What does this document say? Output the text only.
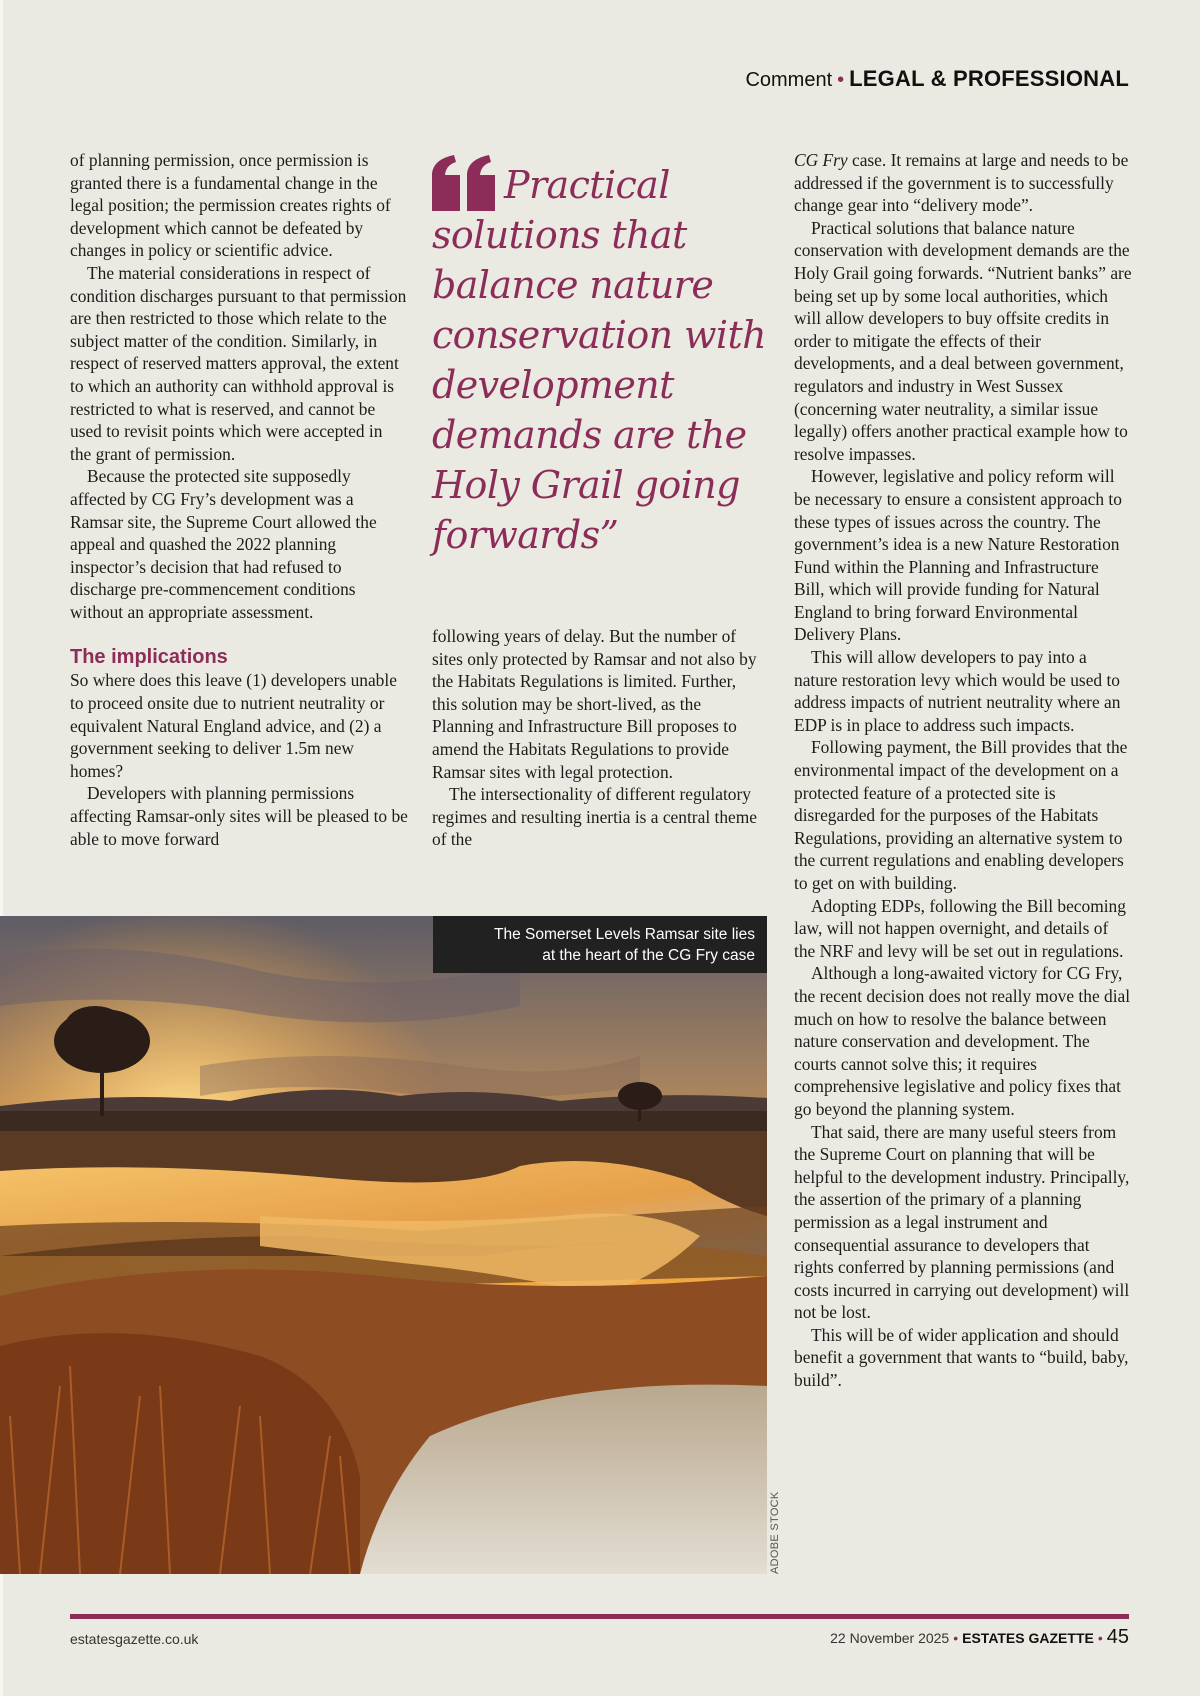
Comment • LEGAL & PROFESSIONAL

of planning permission, once permission is granted there is a fundamental change in the legal position; the permission creates rights of development which cannot be defeated by changes in policy or scientific advice.

The material considerations in respect of condition discharges pursuant to that permission are then restricted to those which relate to the subject matter of the condition. Similarly, in respect of reserved matters approval, the extent to which an authority can withhold approval is restricted to what is reserved, and cannot be used to revisit points which were accepted in the grant of permission.

Because the protected site supposedly affected by CG Fry’s development was a Ramsar site, the Supreme Court allowed the appeal and quashed the 2022 planning inspector’s decision that had refused to discharge pre-commencement conditions without an appropriate assessment.

The implications

So where does this leave (1) developers unable to proceed onsite due to nutrient neutrality or equivalent Natural England advice, and (2) a government seeking to deliver 1.5m new homes?

Developers with planning permissions affecting Ramsar-only sites will be pleased to be able to move forward

Practical solutions that balance nature conservation with development demands are the Holy Grail going forwards”

following years of delay. But the number of sites only protected by Ramsar and not also by the Habitats Regulations is limited. Further, this solution may be short-lived, as the Planning and Infrastructure Bill proposes to amend the Habitats Regulations to provide Ramsar sites with legal protection.

The intersectionality of different regulatory regimes and resulting inertia is a central theme of the

CG Fry case. It remains at large and needs to be addressed if the government is to successfully change gear into “delivery mode”.

Practical solutions that balance nature conservation with development demands are the Holy Grail going forwards. “Nutrient banks” are being set up by some local authorities, which will allow developers to buy offsite credits in order to mitigate the effects of their developments, and a deal between government, regulators and industry in West Sussex (concerning water neutrality, a similar issue legally) offers another practical example how to resolve impasses.

However, legislative and policy reform will be necessary to ensure a consistent approach to these types of issues across the country. The government’s idea is a new Nature Restoration Fund within the Planning and Infrastructure Bill, which will provide funding for Natural England to bring forward Environmental Delivery Plans.

This will allow developers to pay into a nature restoration levy which would be used to address impacts of nutrient neutrality where an EDP is in place to address such impacts.

Following payment, the Bill provides that the environmental impact of the development on a protected feature of a protected site is disregarded for the purposes of the Habitats Regulations, providing an alternative system to the current regulations and enabling developers to get on with building.

Adopting EDPs, following the Bill becoming law, will not happen overnight, and details of the NRF and levy will be set out in regulations.

Although a long-awaited victory for CG Fry, the recent decision does not really move the dial much on how to resolve the balance between nature conservation and development. The courts cannot solve this; it requires comprehensive legislative and policy fixes that go beyond the planning system.

That said, there are many useful steers from the Supreme Court on planning that will be helpful to the development industry. Principally, the assertion of the primary of a planning permission as a legal instrument and consequential assurance to developers that rights conferred by planning permissions (and costs incurred in carrying out development) will not be lost.

This will be of wider application and should benefit a government that wants to “build, baby, build”.

The Somerset Levels Ramsar site lies
at the heart of the CG Fry case
ADOBE STOCK
estatesgazette.co.uk	22 November 2025 • ESTATES GAZETTE • 45
